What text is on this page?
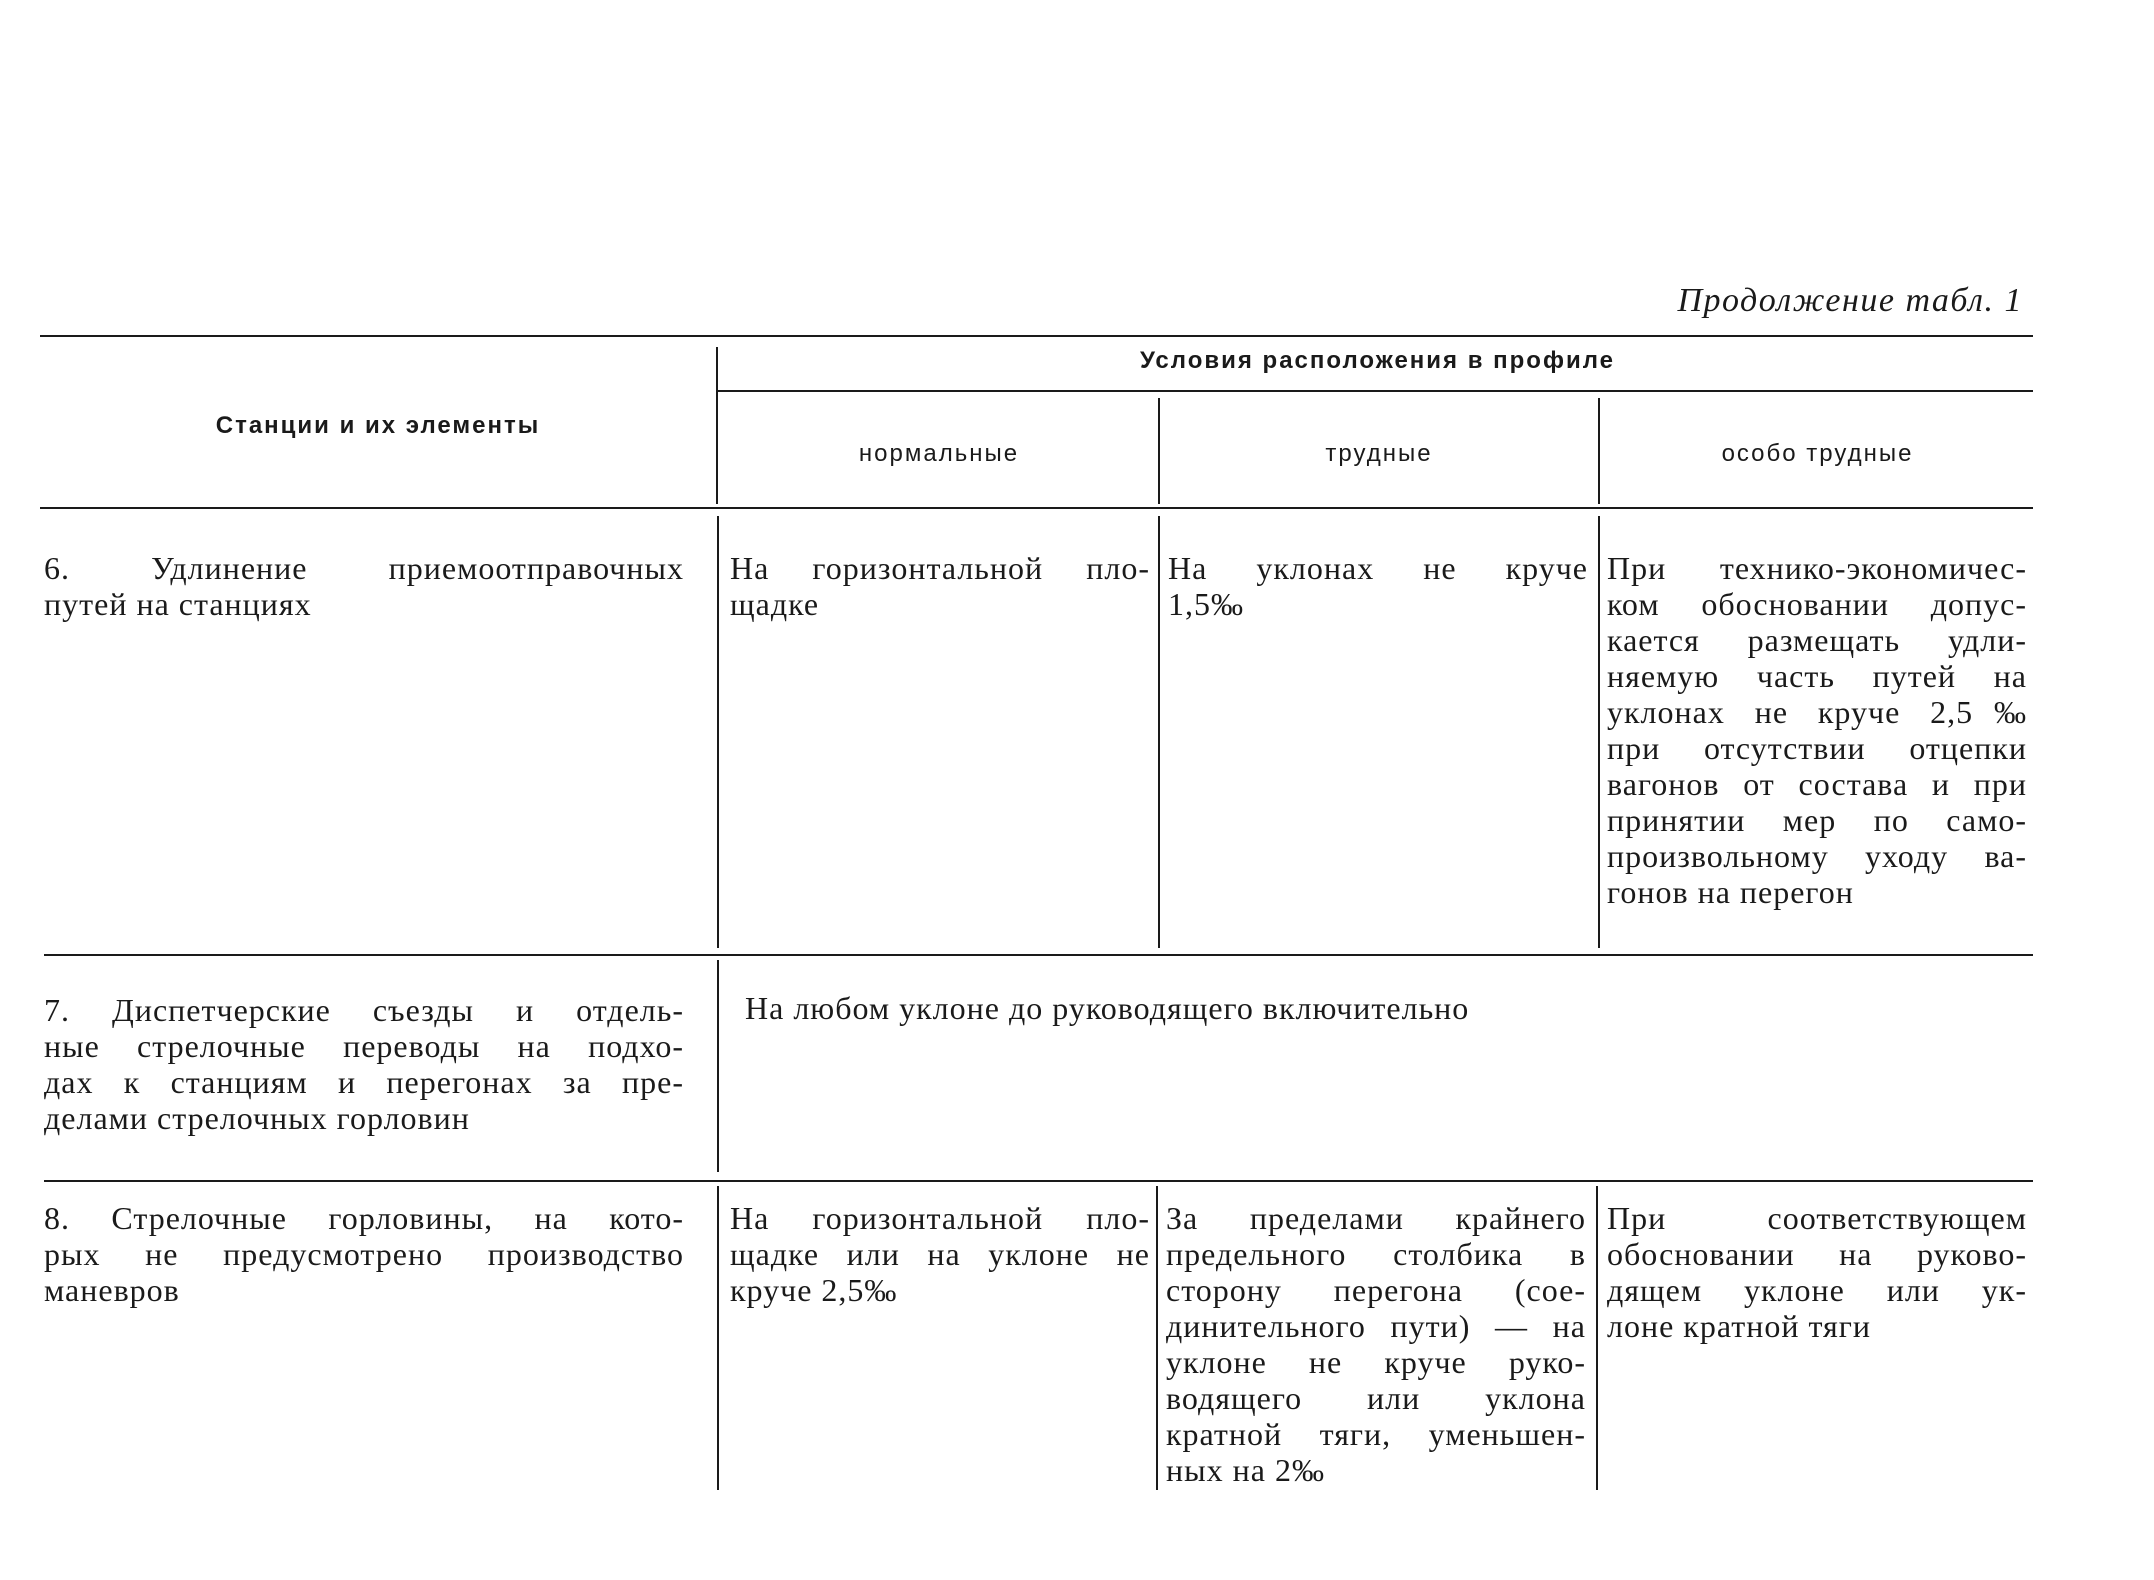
Продолжение табл. 1
Станции и их элементы
Условия расположения в профиле
нормальные	трудные	особо трудные
6. Удлинение приемоотправочных
путей на станциях
На горизонтальной пло-
щадке
На уклонах не круче
1,5‰
При технико-экономичес-
ком обосновании допус-
кается размещать удли-
няемую часть путей на
уклонах не круче 2,5‰
при отсутствии отцепки
вагонов от состава и при
принятии мер по само-
произвольному уходу ва-
гонов на перегон
7. Диспетчерские съезды и отдель-
ные стрелочные переводы на подхо-
дах к станциям и перегонах за пре-
делами стрелочных горловин
На любом уклоне до руководящего включительно
8. Стрелочные горловины, на кото-
рых не предусмотрено производство
маневров
На горизонтальной пло-
щадке или на уклоне не
круче 2,5‰
За пределами крайнего
предельного столбика в
сторону перегона (сое-
динительного пути) — на
уклоне не круче руко-
водящего или уклона
кратной тяги, уменьшен-
ных на 2‰
При соответствующем
обосновании на руково-
дящем уклоне или ук-
лоне кратной тяги
